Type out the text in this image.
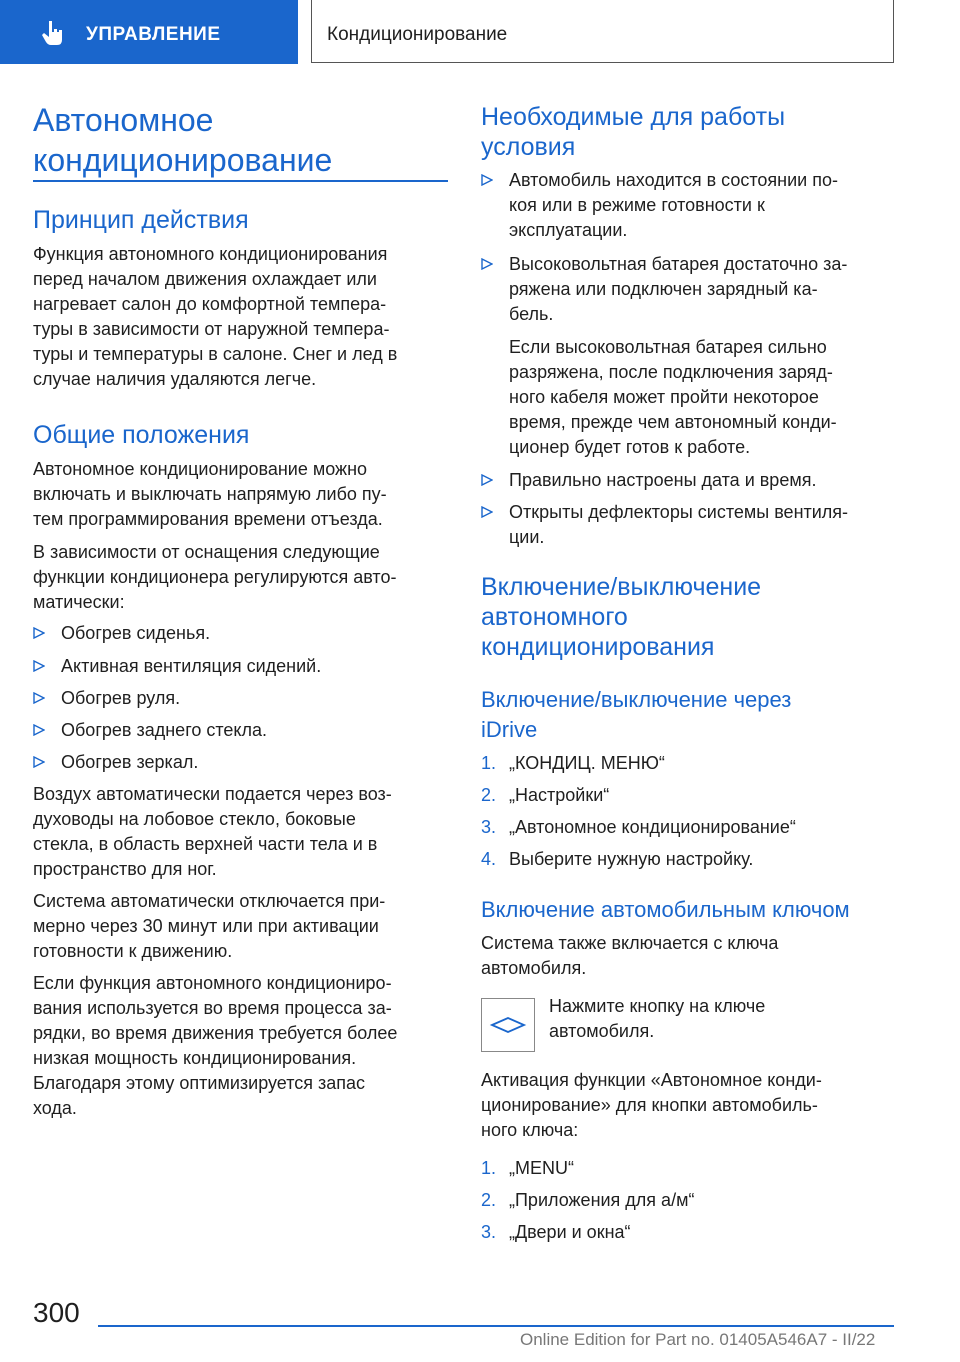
УПРАВЛЕНИЕ	Кондиционирование
Автономное
кондиционирование
Принцип действия
Функция автономного кондиционирования
перед началом движения охлаждает или
нагревает салон до комфортной темпера-
туры в зависимости от наружной темпера-
туры и температуры в салоне. Снег и лед в
случае наличия удаляются легче.
Общие положения
Автономное кондиционирование можно
включать и выключать напрямую либо пу-
тем программирования времени отъезда.
В зависимости от оснащения следующие
функции кондиционера регулируются авто-
матически:
Обогрев сиденья.
Активная вентиляция сидений.
Обогрев руля.
Обогрев заднего стекла.
Обогрев зеркал.
Воздух автоматически подается через воз-
духоводы на лобовое стекло, боковые
стекла, в область верхней части тела и в
пространство для ног.
Система автоматически отключается при-
мерно через 30 минут или при активации
готовности к движению.
Если функция автономного кондициониро-
вания используется во время процесса за-
рядки, во время движения требуется более
низкая мощность кондиционирования.
Благодаря этому оптимизируется запас
хода.
Необходимые для работы
условия
Автомобиль находится в состоянии по-
коя или в режиме готовности к
эксплуатации.
Высоковольтная батарея достаточно за-
ряжена или подключен зарядный ка-
бель.
Если высоковольтная батарея сильно
разряжена, после подключения заряд-
ного кабеля может пройти некоторое
время, прежде чем автономный конди-
ционер будет готов к работе.
Правильно настроены дата и время.
Открыты дефлекторы системы вентиля-
ции.
Включение/выключение
автономного
кондиционирования
Включение/выключение через
iDrive
1. „КОНДИЦ. МЕНЮ“
2. „Настройки“
3. „Автономное кондиционирование“
4. Выберите нужную настройку.
Включение автомобильным ключом
Система также включается с ключа
автомобиля.
Нажмите кнопку на ключе
автомобиля.
Активация функции «Автономное конди-
ционирование» для кнопки автомобиль-
ного ключа:
1. „MENU“
2. „Приложения для а/м“
3. „Двери и окна“
300
Online Edition for Part no. 01405A546A7 - II/22
